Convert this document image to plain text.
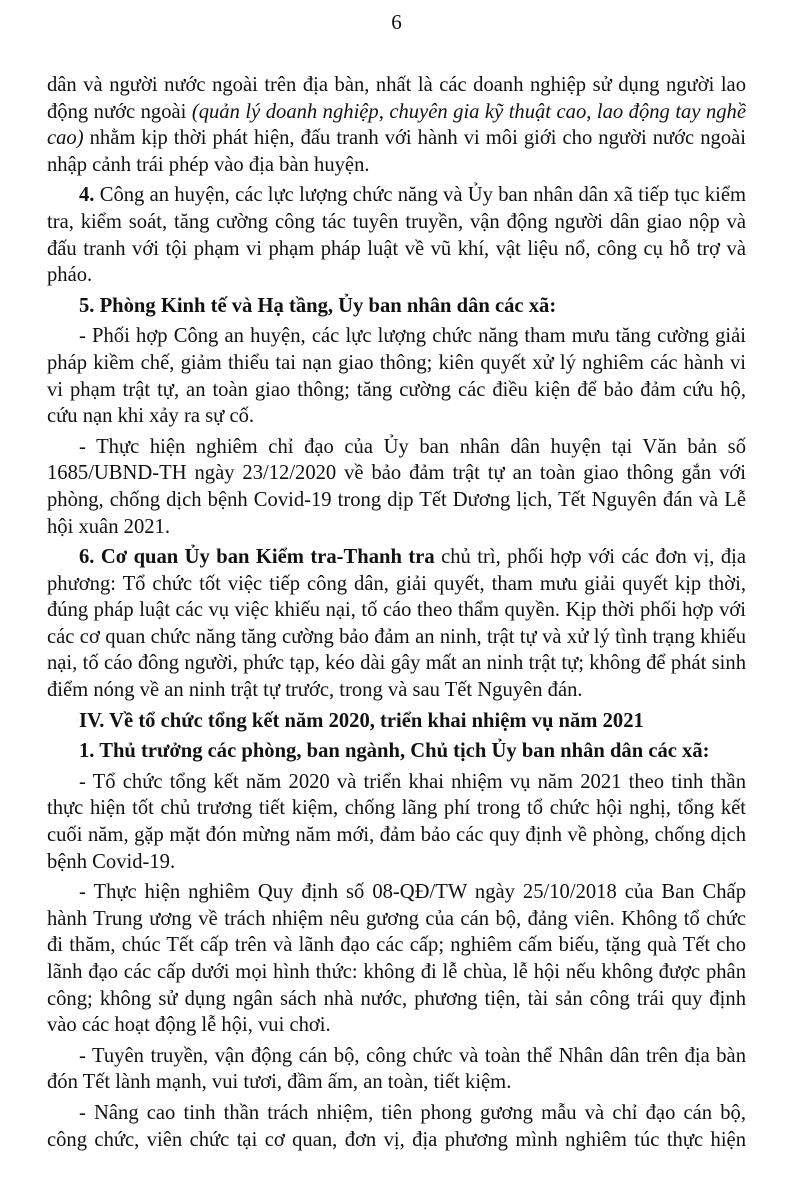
6

dân và người nước ngoài trên địa bàn, nhất là các doanh nghiệp sử dụng người lao động nước ngoài (quản lý doanh nghiệp, chuyên gia kỹ thuật cao, lao động tay nghề cao) nhằm kịp thời phát hiện, đấu tranh với hành vi môi giới cho người nước ngoài nhập cảnh trái phép vào địa bàn huyện.

4. Công an huyện, các lực lượng chức năng và Ủy ban nhân dân xã tiếp tục kiểm tra, kiểm soát, tăng cường công tác tuyên truyền, vận động người dân giao nộp và đấu tranh với tội phạm vi phạm pháp luật về vũ khí, vật liệu nổ, công cụ hỗ trợ và pháo.

5. Phòng Kinh tế và Hạ tầng, Ủy ban nhân dân các xã:

- Phối hợp Công an huyện, các lực lượng chức năng tham mưu tăng cường giải pháp kiềm chế, giảm thiểu tai nạn giao thông; kiên quyết xử lý nghiêm các hành vi vi phạm trật tự, an toàn giao thông; tăng cường các điều kiện để bảo đảm cứu hộ, cứu nạn khi xảy ra sự cố.

- Thực hiện nghiêm chỉ đạo của Ủy ban nhân dân huyện tại Văn bản số 1685/UBND-TH ngày 23/12/2020 về bảo đảm trật tự an toàn giao thông gắn với phòng, chống dịch bệnh Covid-19 trong dịp Tết Dương lịch, Tết Nguyên đán và Lễ hội xuân 2021.

6. Cơ quan Ủy ban Kiểm tra-Thanh tra chủ trì, phối hợp với các đơn vị, địa phương: Tổ chức tốt việc tiếp công dân, giải quyết, tham mưu giải quyết kịp thời, đúng pháp luật các vụ việc khiếu nại, tố cáo theo thẩm quyền. Kịp thời phối hợp với các cơ quan chức năng tăng cường bảo đảm an ninh, trật tự và xử lý tình trạng khiếu nại, tố cáo đông người, phức tạp, kéo dài gây mất an ninh trật tự; không để phát sinh điểm nóng về an ninh trật tự trước, trong và sau Tết Nguyên đán.

IV. Về tổ chức tổng kết năm 2020, triển khai nhiệm vụ năm 2021

1. Thủ trưởng các phòng, ban ngành, Chủ tịch Ủy ban nhân dân các xã:

- Tổ chức tổng kết năm 2020 và triển khai nhiệm vụ năm 2021 theo tinh thần thực hiện tốt chủ trương tiết kiệm, chống lãng phí trong tổ chức hội nghị, tổng kết cuối năm, gặp mặt đón mừng năm mới, đảm bảo các quy định về phòng, chống dịch bệnh Covid-19.

- Thực hiện nghiêm Quy định số 08-QĐ/TW ngày 25/10/2018 của Ban Chấp hành Trung ương về trách nhiệm nêu gương của cán bộ, đảng viên. Không tổ chức đi thăm, chúc Tết cấp trên và lãnh đạo các cấp; nghiêm cấm biếu, tặng quà Tết cho lãnh đạo các cấp dưới mọi hình thức: không đi lễ chùa, lễ hội nếu không được phân công; không sử dụng ngân sách nhà nước, phương tiện, tài sản công trái quy định vào các hoạt động lễ hội, vui chơi.

- Tuyên truyền, vận động cán bộ, công chức và toàn thể Nhân dân trên địa bàn đón Tết lành mạnh, vui tươi, đầm ấm, an toàn, tiết kiệm.

- Nâng cao tinh thần trách nhiệm, tiên phong gương mẫu và chỉ đạo cán bộ, công chức, viên chức tại cơ quan, đơn vị, địa phương mình nghiêm túc thực hiện
